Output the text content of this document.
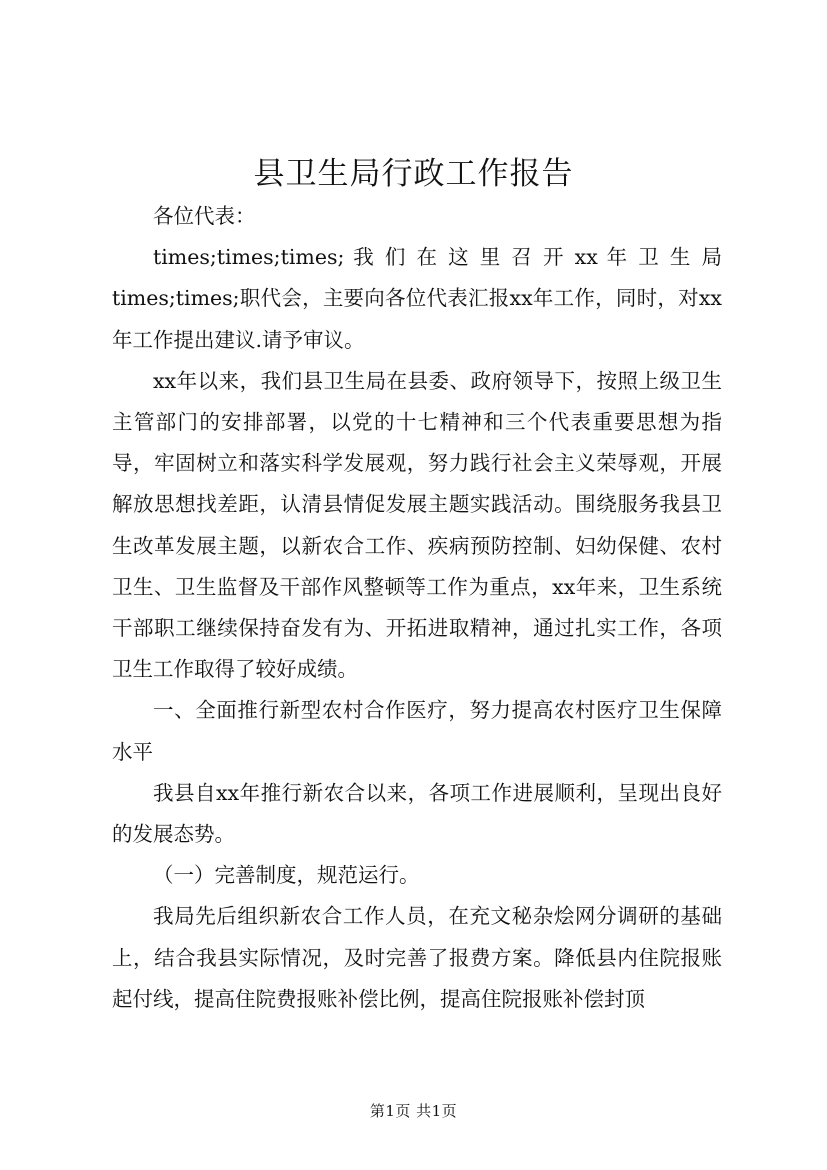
县卫生局行政工作报告

各位代表：

times;times;times; 我 们 在 这 里 召 开 xx 年 卫 生 局 times;times;职代会，主要向各位代表汇报xx年工作，同时，对xx年工作提出建议.请予审议。

xx年以来，我们县卫生局在县委、政府领导下，按照上级卫生主管部门的安排部署，以党的十七精神和三个代表重要思想为指导，牢固树立和落实科学发展观，努力践行社会主义荣辱观，开展解放思想找差距，认清县情促发展主题实践活动。围绕服务我县卫生改革发展主题，以新农合工作、疾病预防控制、妇幼保健、农村卫生、卫生监督及干部作风整顿等工作为重点，xx年来，卫生系统干部职工继续保持奋发有为、开拓进取精神，通过扎实工作，各项卫生工作取得了较好成绩。

一、全面推行新型农村合作医疗，努力提高农村医疗卫生保障水平

我县自xx年推行新农合以来，各项工作进展顺利，呈现出良好的发展态势。

（一）完善制度，规范运行。

我局先后组织新农合工作人员，在充文秘杂烩网分调研的基础上，结合我县实际情况，及时完善了报费方案。降低县内住院报账起付线，提高住院费报账补偿比例，提高住院报账补偿封顶

第1页 共1页
